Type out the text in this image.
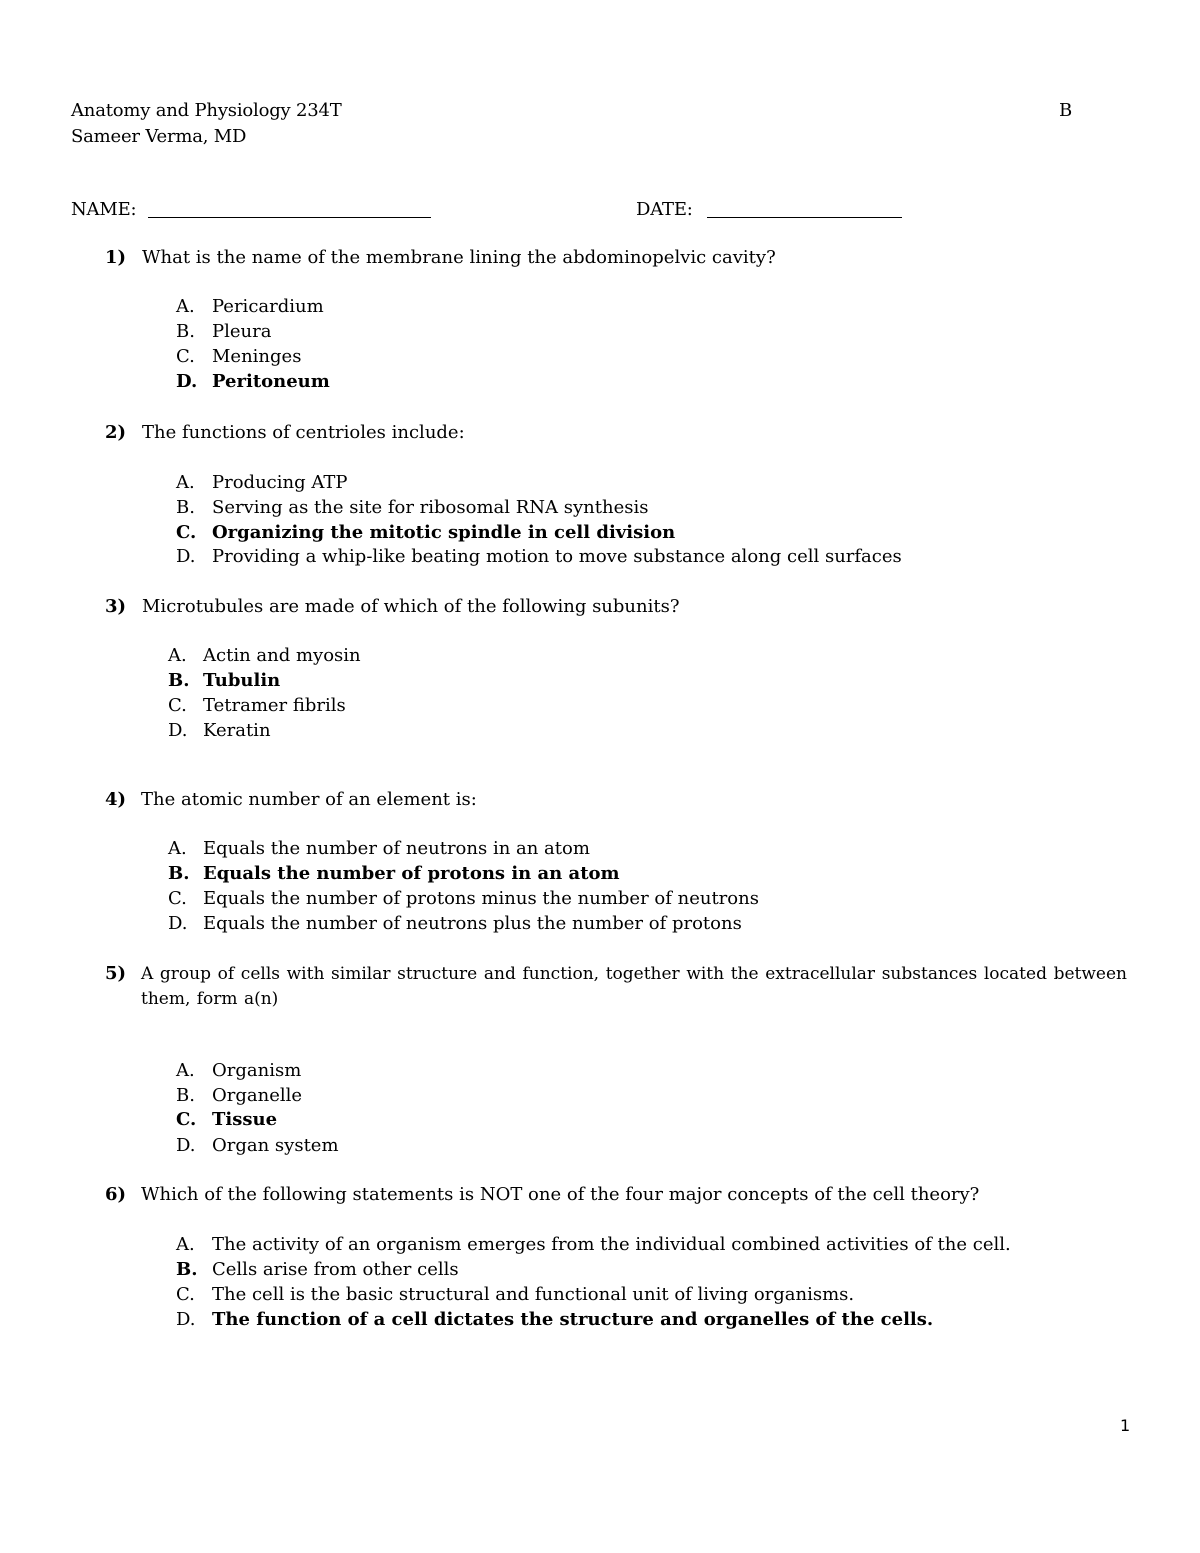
Anatomy and Physiology 234T	B
Sameer Verma, MD
NAME:	DATE:
1) What is the name of the membrane lining the abdominopelvic cavity?
A. Pericardium
B. Pleura
C. Meninges
D. Peritoneum
2) The functions of centrioles include:
A. Producing ATP
B. Serving as the site for ribosomal RNA synthesis
C. Organizing the mitotic spindle in cell division
D. Providing a whip-like beating motion to move substance along cell surfaces
3) Microtubules are made of which of the following subunits?
A. Actin and myosin
B. Tubulin
C. Tetramer fibrils
D. Keratin
4) The atomic number of an element is:
A. Equals the number of neutrons in an atom
B. Equals the number of protons in an atom
C. Equals the number of protons minus the number of neutrons
D. Equals the number of neutrons plus the number of protons
5) A group of cells with similar structure and function, together with the extracellular substances located between them, form a(n)
A. Organism
B. Organelle
C. Tissue
D. Organ system
6) Which of the following statements is NOT one of the four major concepts of the cell theory?
A. The activity of an organism emerges from the individual combined activities of the cell.
B. Cells arise from other cells
C. The cell is the basic structural and functional unit of living organisms.
D. The function of a cell dictates the structure and organelles of the cells.
1
